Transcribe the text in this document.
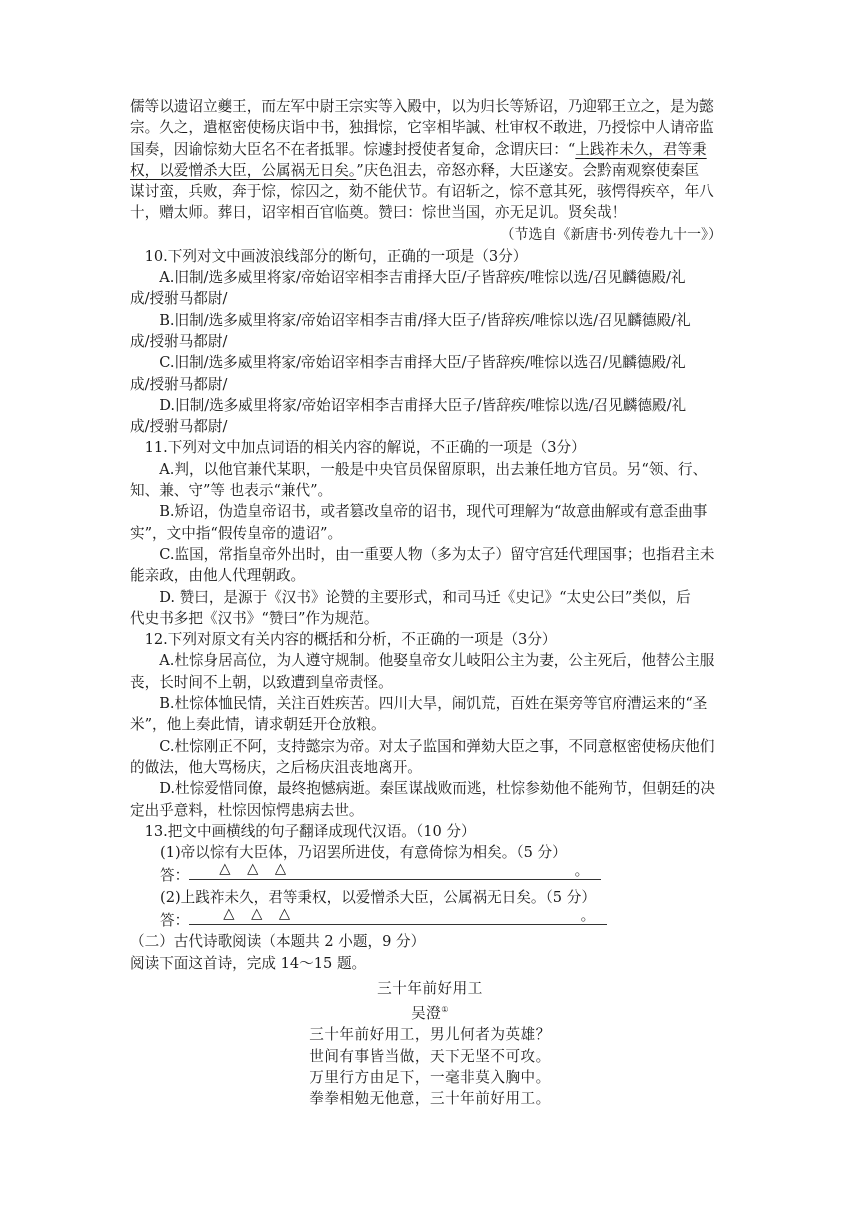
儒等以遗诏立夔王，而左军中尉王宗实等入殿中，以为归长等矫诏，乃迎郓王立之，是为懿

宗。久之，遣枢密使杨庆诣中书，独揖悰，它宰相毕諴、杜审权不敢进，乃授悰中人请帝监

国奏，因谕悰劾大臣名不在者抵罪。悰遽封授使者复命，念谓庆曰：“上践祚未久，君等秉

权，以爱憎杀大臣，公属祸无日矣。”庆色沮去，帝怒亦释，大臣遂安。会黔南观察使秦匡

谋讨蛮，兵败，奔于悰，悰囚之，劾不能伏节。有诏斩之，悰不意其死，骇愕得疾卒，年八

十，赠太师。葬日，诏宰相百官临奠。赞曰：悰世当国，亦无足讥。贤矣哉！

（节选自《新唐书·列传卷九十一》）

10.下列对文中画波浪线部分的断句，正确的一项是（3分）

A.旧制/选多威里将家/帝始诏宰相李吉甫择大臣/子皆辞疾/唯悰以选/召见麟德殿/礼

成/授驸马都尉/

B.旧制/选多威里将家/帝始诏宰相李吉甫/择大臣子/皆辞疾/唯悰以选/召见麟德殿/礼

成/授驸马都尉/

C.旧制/选多威里将家/帝始诏宰相李吉甫择大臣/子皆辞疾/唯悰以选召/见麟德殿/礼

成/授驸马都尉/

D.旧制/选多威里将家/帝始诏宰相李吉甫择大臣子/皆辞疾/唯悰以选/召见麟德殿/礼

成/授驸马都尉/

11.下列对文中加点词语的相关内容的解说，不正确的一项是（3分）

A.判，以他官兼代某职，一般是中央官员保留原职，出去兼任地方官员。另“领、行、

知、兼、守”等 也表示“兼代”。

B.矫诏，伪造皇帝诏书，或者篡改皇帝的诏书，现代可理解为“故意曲解或有意歪曲事

实”，文中指“假传皇帝的遗诏”。

C.监国，常指皇帝外出时，由一重要人物（多为太子）留守宫廷代理国事；也指君主未

能亲政，由他人代理朝政。

D. 赞曰，是源于《汉书》论赞的主要形式，和司马迁《史记》“太史公曰”类似，后

代史书多把《汉书》“赞曰”作为规范。

12.下列对原文有关内容的概括和分析，不正确的一项是（3分）

A.杜悰身居高位，为人遵守规制。他娶皇帝女儿岐阳公主为妻，公主死后，他替公主服

丧，长时间不上朝，以致遭到皇帝责怪。

B.杜悰体恤民情，关注百姓疾苦。四川大旱，闹饥荒，百姓在渠旁等官府漕运来的“圣

米”，他上奏此情，请求朝廷开仓放粮。

C.杜悰刚正不阿，支持懿宗为帝。对太子监国和弹劾大臣之事，不同意枢密使杨庆他们

的做法，他大骂杨庆，之后杨庆沮丧地离开。

D.杜悰爱惜同僚，最终抱憾病逝。秦匡谋战败而逃，杜悰参劾他不能殉节，但朝廷的决

定出乎意料，杜悰因惊愕患病去世。

13.把文中画横线的句子翻译成现代汉语。（10 分）

(1)帝以悰有大臣体，乃诏罢所进伎，有意倚悰为相矣。（5 分）

答： △ △ △	。

(2)上践祚未久，君等秉权，以爱憎杀大臣，公属祸无日矣。（5 分）

答： △ △ △	。

（二）古代诗歌阅读（本题共 2 小题，9 分）

阅读下面这首诗，完成 14～15 题。

三十年前好用工

吴澄①

三十年前好用工，男儿何者为英雄？

世间有事皆当做，天下无坚不可攻。

万里行方由足下，一毫非莫入胸中。

拳拳相勉无他意，三十年前好用工。
